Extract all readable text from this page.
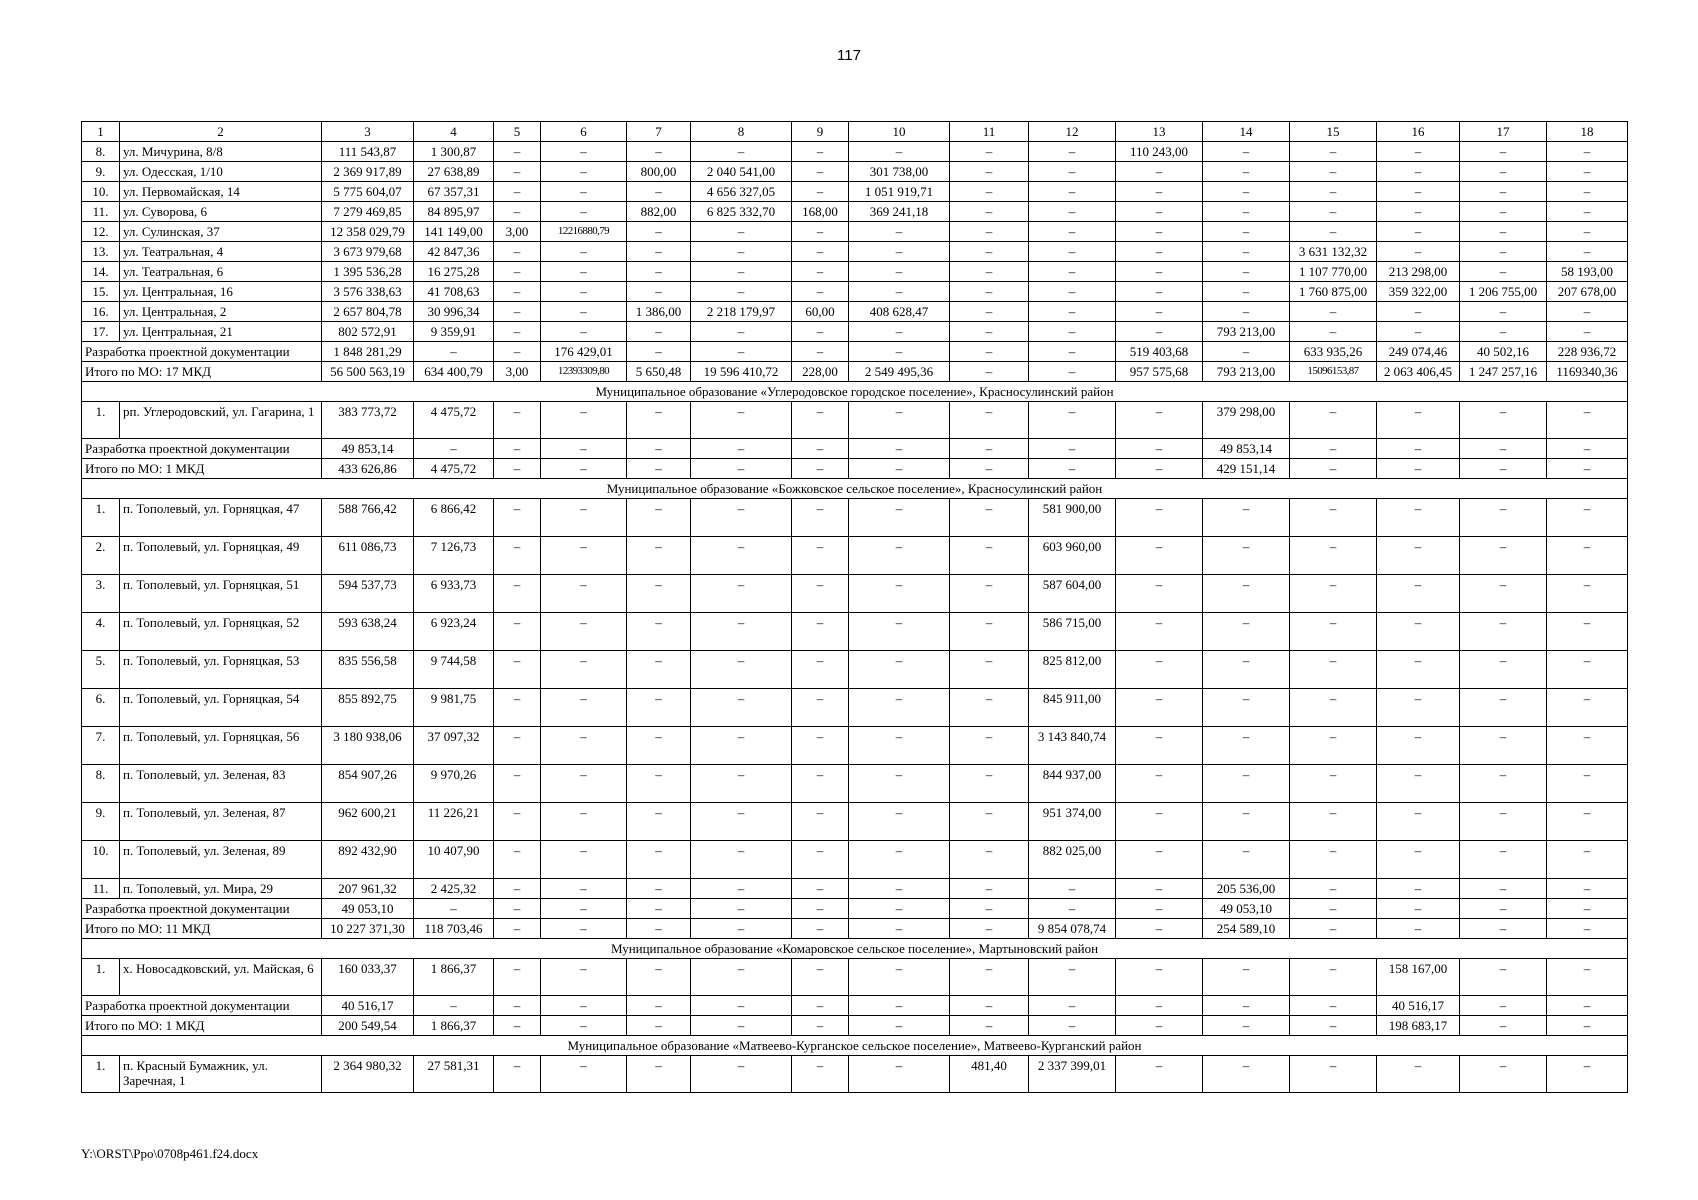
117
1	2	3	4	5	6	7	8	9	10	11	12	13	14	15	16	17	18
8.	ул. Мичурина, 8/8	111 543,87	1 300,87	–	–	–	–	–	–	–	–	110 243,00	–	–	–	–	–
9.	ул. Одесская, 1/10	2 369 917,89	27 638,89	–	–	800,00	2 040 541,00	–	301 738,00	–	–	–	–	–	–	–	–
10.	ул. Первомайская, 14	5 775 604,07	67 357,31	–	–	–	4 656 327,05	–	1 051 919,71	–	–	–	–	–	–	–	–
11.	ул. Суворова, 6	7 279 469,85	84 895,97	–	–	882,00	6 825 332,70	168,00	369 241,18	–	–	–	–	–	–	–	–
12.	ул. Сулинская, 37	12 358 029,79	141 149,00	3,00	12216880,79	–	–	–	–	–	–	–	–	–	–	–	–
13.	ул. Театральная, 4	3 673 979,68	42 847,36	–	–	–	–	–	–	–	–	–	–	3 631 132,32	–	–	–
14.	ул. Театральная, 6	1 395 536,28	16 275,28	–	–	–	–	–	–	–	–	–	–	1 107 770,00	213 298,00	–	58 193,00
15.	ул. Центральная, 16	3 576 338,63	41 708,63	–	–	–	–	–	–	–	–	–	–	1 760 875,00	359 322,00	1 206 755,00	207 678,00
16.	ул. Центральная, 2	2 657 804,78	30 996,34	–	–	1 386,00	2 218 179,97	60,00	408 628,47	–	–	–	–	–	–	–	–
17.	ул. Центральная, 21	802 572,91	9 359,91	–	–	–	–	–	–	–	–	–	793 213,00	–	–	–	–
Разработка проектной документации		1 848 281,29	–	–	176 429,01	–	–	–	–	–	–	519 403,68	–	633 935,26	249 074,46	40 502,16	228 936,72
Итого по МО: 17 МКД		56 500 563,19	634 400,79	3,00	12393309,80	5 650,48	19 596 410,72	228,00	2 549 495,36	–	–	957 575,68	793 213,00	15096153,87	2 063 406,45	1 247 257,16	1169340,36
Муниципальное образование «Углеродовское городское поселение», Красносулинский район																	
1.	рп. Углеродовский, ул. Гагарина, 1	383 773,72	4 475,72	–	–	–	–	–	–	–	–	–	379 298,00	–	–	–	–
Разработка проектной документации		49 853,14	–	–	–	–	–	–	–	–	–	–	49 853,14	–	–	–	–
Итого по МО: 1 МКД		433 626,86	4 475,72	–	–	–	–	–	–	–	–	–	429 151,14	–	–	–	–
Муниципальное образование «Божковское сельское поселение», Красносулинский район																	
1.	п. Тополевый, ул. Горняцкая, 47	588 766,42	6 866,42	–	–	–	–	–	–	–	581 900,00	–	–	–	–	–	–
2.	п. Тополевый, ул. Горняцкая, 49	611 086,73	7 126,73	–	–	–	–	–	–	–	603 960,00	–	–	–	–	–	–
3.	п. Тополевый, ул. Горняцкая, 51	594 537,73	6 933,73	–	–	–	–	–	–	–	587 604,00	–	–	–	–	–	–
4.	п. Тополевый, ул. Горняцкая, 52	593 638,24	6 923,24	–	–	–	–	–	–	–	586 715,00	–	–	–	–	–	–
5.	п. Тополевый, ул. Горняцкая, 53	835 556,58	9 744,58	–	–	–	–	–	–	–	825 812,00	–	–	–	–	–	–
6.	п. Тополевый, ул. Горняцкая, 54	855 892,75	9 981,75	–	–	–	–	–	–	–	845 911,00	–	–	–	–	–	–
7.	п. Тополевый, ул. Горняцкая, 56	3 180 938,06	37 097,32	–	–	–	–	–	–	–	3 143 840,74	–	–	–	–	–	–
8.	п. Тополевый, ул. Зеленая, 83	854 907,26	9 970,26	–	–	–	–	–	–	–	844 937,00	–	–	–	–	–	–
9.	п. Тополевый, ул. Зеленая, 87	962 600,21	11 226,21	–	–	–	–	–	–	–	951 374,00	–	–	–	–	–	–
10.	п. Тополевый, ул. Зеленая, 89	892 432,90	10 407,90	–	–	–	–	–	–	–	882 025,00	–	–	–	–	–	–
11.	п. Тополевый, ул. Мира, 29	207 961,32	2 425,32	–	–	–	–	–	–	–	–	–	205 536,00	–	–	–	–
Разработка проектной документации		49 053,10	–	–	–	–	–	–	–	–	–	–	49 053,10	–	–	–	–
Итого по МО: 11 МКД		10 227 371,30	118 703,46	–	–	–	–	–	–	–	9 854 078,74	–	254 589,10	–	–	–	–
Муниципальное образование «Комаровское сельское поселение», Мартыновский район																	
1.	х. Новосадковский, ул. Майская, 6	160 033,37	1 866,37	–	–	–	–	–	–	–	–	–	–	–	158 167,00	–	–
Разработка проектной документации		40 516,17	–	–	–	–	–	–	–	–	–	–	–	–	40 516,17	–	–
Итого по МО: 1 МКД		200 549,54	1 866,37	–	–	–	–	–	–	–	–	–	–	–	198 683,17	–	–
Муниципальное образование «Матвеево-Курганское сельское поселение», Матвеево-Курганский район																	
1.	п. Красный Бумажник, ул. Заречная, 1	2 364 980,32	27 581,31	–	–	–	–	–	–	481,40	2 337 399,01	–	–	–	–	–	–
Y:\ORST\Ppo\0708p461.f24.docx
